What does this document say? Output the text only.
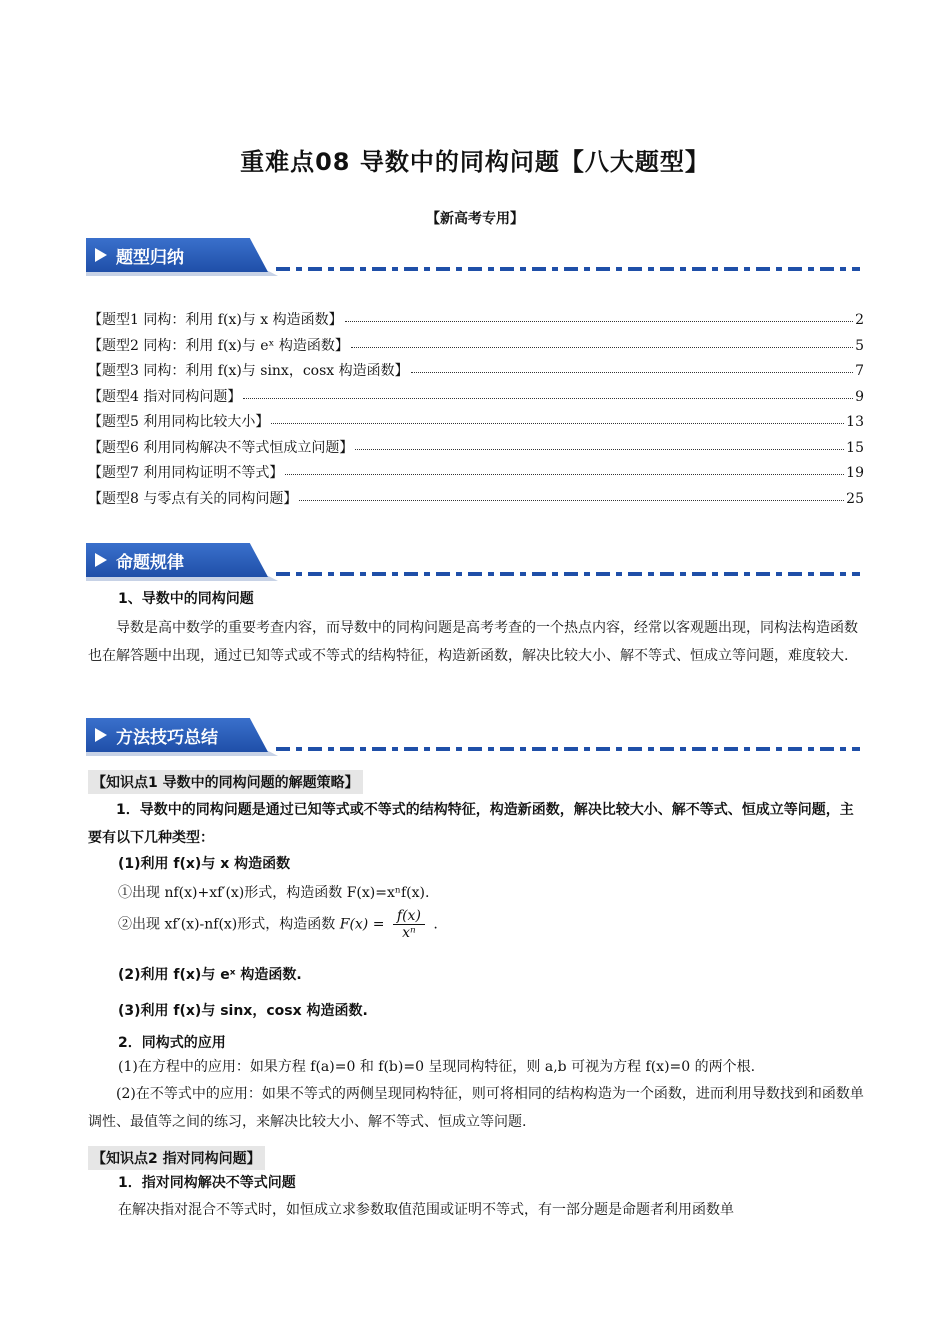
重难点08 导数中的同构问题【八大题型】
【新高考专用】
题型归纳
【题型1 同构：利用 f(x)与 x 构造函数】	2
【题型2 同构：利用 f(x)与 eˣ 构造函数】	5
【题型3 同构：利用 f(x)与 sinx，cosx 构造函数】	7
【题型4 指对同构问题】	9
【题型5 利用同构比较大小】	13
【题型6 利用同构解决不等式恒成立问题】	15
【题型7 利用同构证明不等式】	19
【题型8 与零点有关的同构问题】	25
命题规律
1、导数中的同构问题
导数是高中数学的重要考查内容，而导数中的同构问题是高考考查的一个热点内容，经常以客观题出现，同构法构造函数也在解答题中出现，通过已知等式或不等式的结构特征，构造新函数，解决比较大小、解不等式、恒成立等问题，难度较大.
方法技巧总结
【知识点1 导数中的同构问题的解题策略】
1．导数中的同构问题是通过已知等式或不等式的结构特征，构造新函数，解决比较大小、解不等式、恒成立等问题，主要有以下几种类型：
(1)利用 f(x)与 x 构造函数
①出现 nf(x)+xf′(x)形式，构造函数 F(x)=xⁿf(x).
②出现 xf′(x)-nf(x)形式，构造函数 $F(x) = \frac{f(x)}{\text{xⁿ}}$ .
(2)利用 f(x)与 eˣ 构造函数.
(3)利用 f(x)与 sinx，cosx 构造函数.
2．同构式的应用
(1)在方程中的应用：如果方程 f(a)=0 和 f(b)=0 呈现同构特征，则 a,b 可视为方程 f(x)=0 的两个根.
(2)在不等式中的应用：如果不等式的两侧呈现同构特征，则可将相同的结构构造为一个函数，进而利用导数找到和函数单调性、最值等之间的练习，来解决比较大小、解不等式、恒成立等问题.
【知识点2 指对同构问题】
1．指对同构解决不等式问题
在解决指对混合不等式时，如恒成立求参数取值范围或证明不等式，有一部分题是命题者利用函数单
